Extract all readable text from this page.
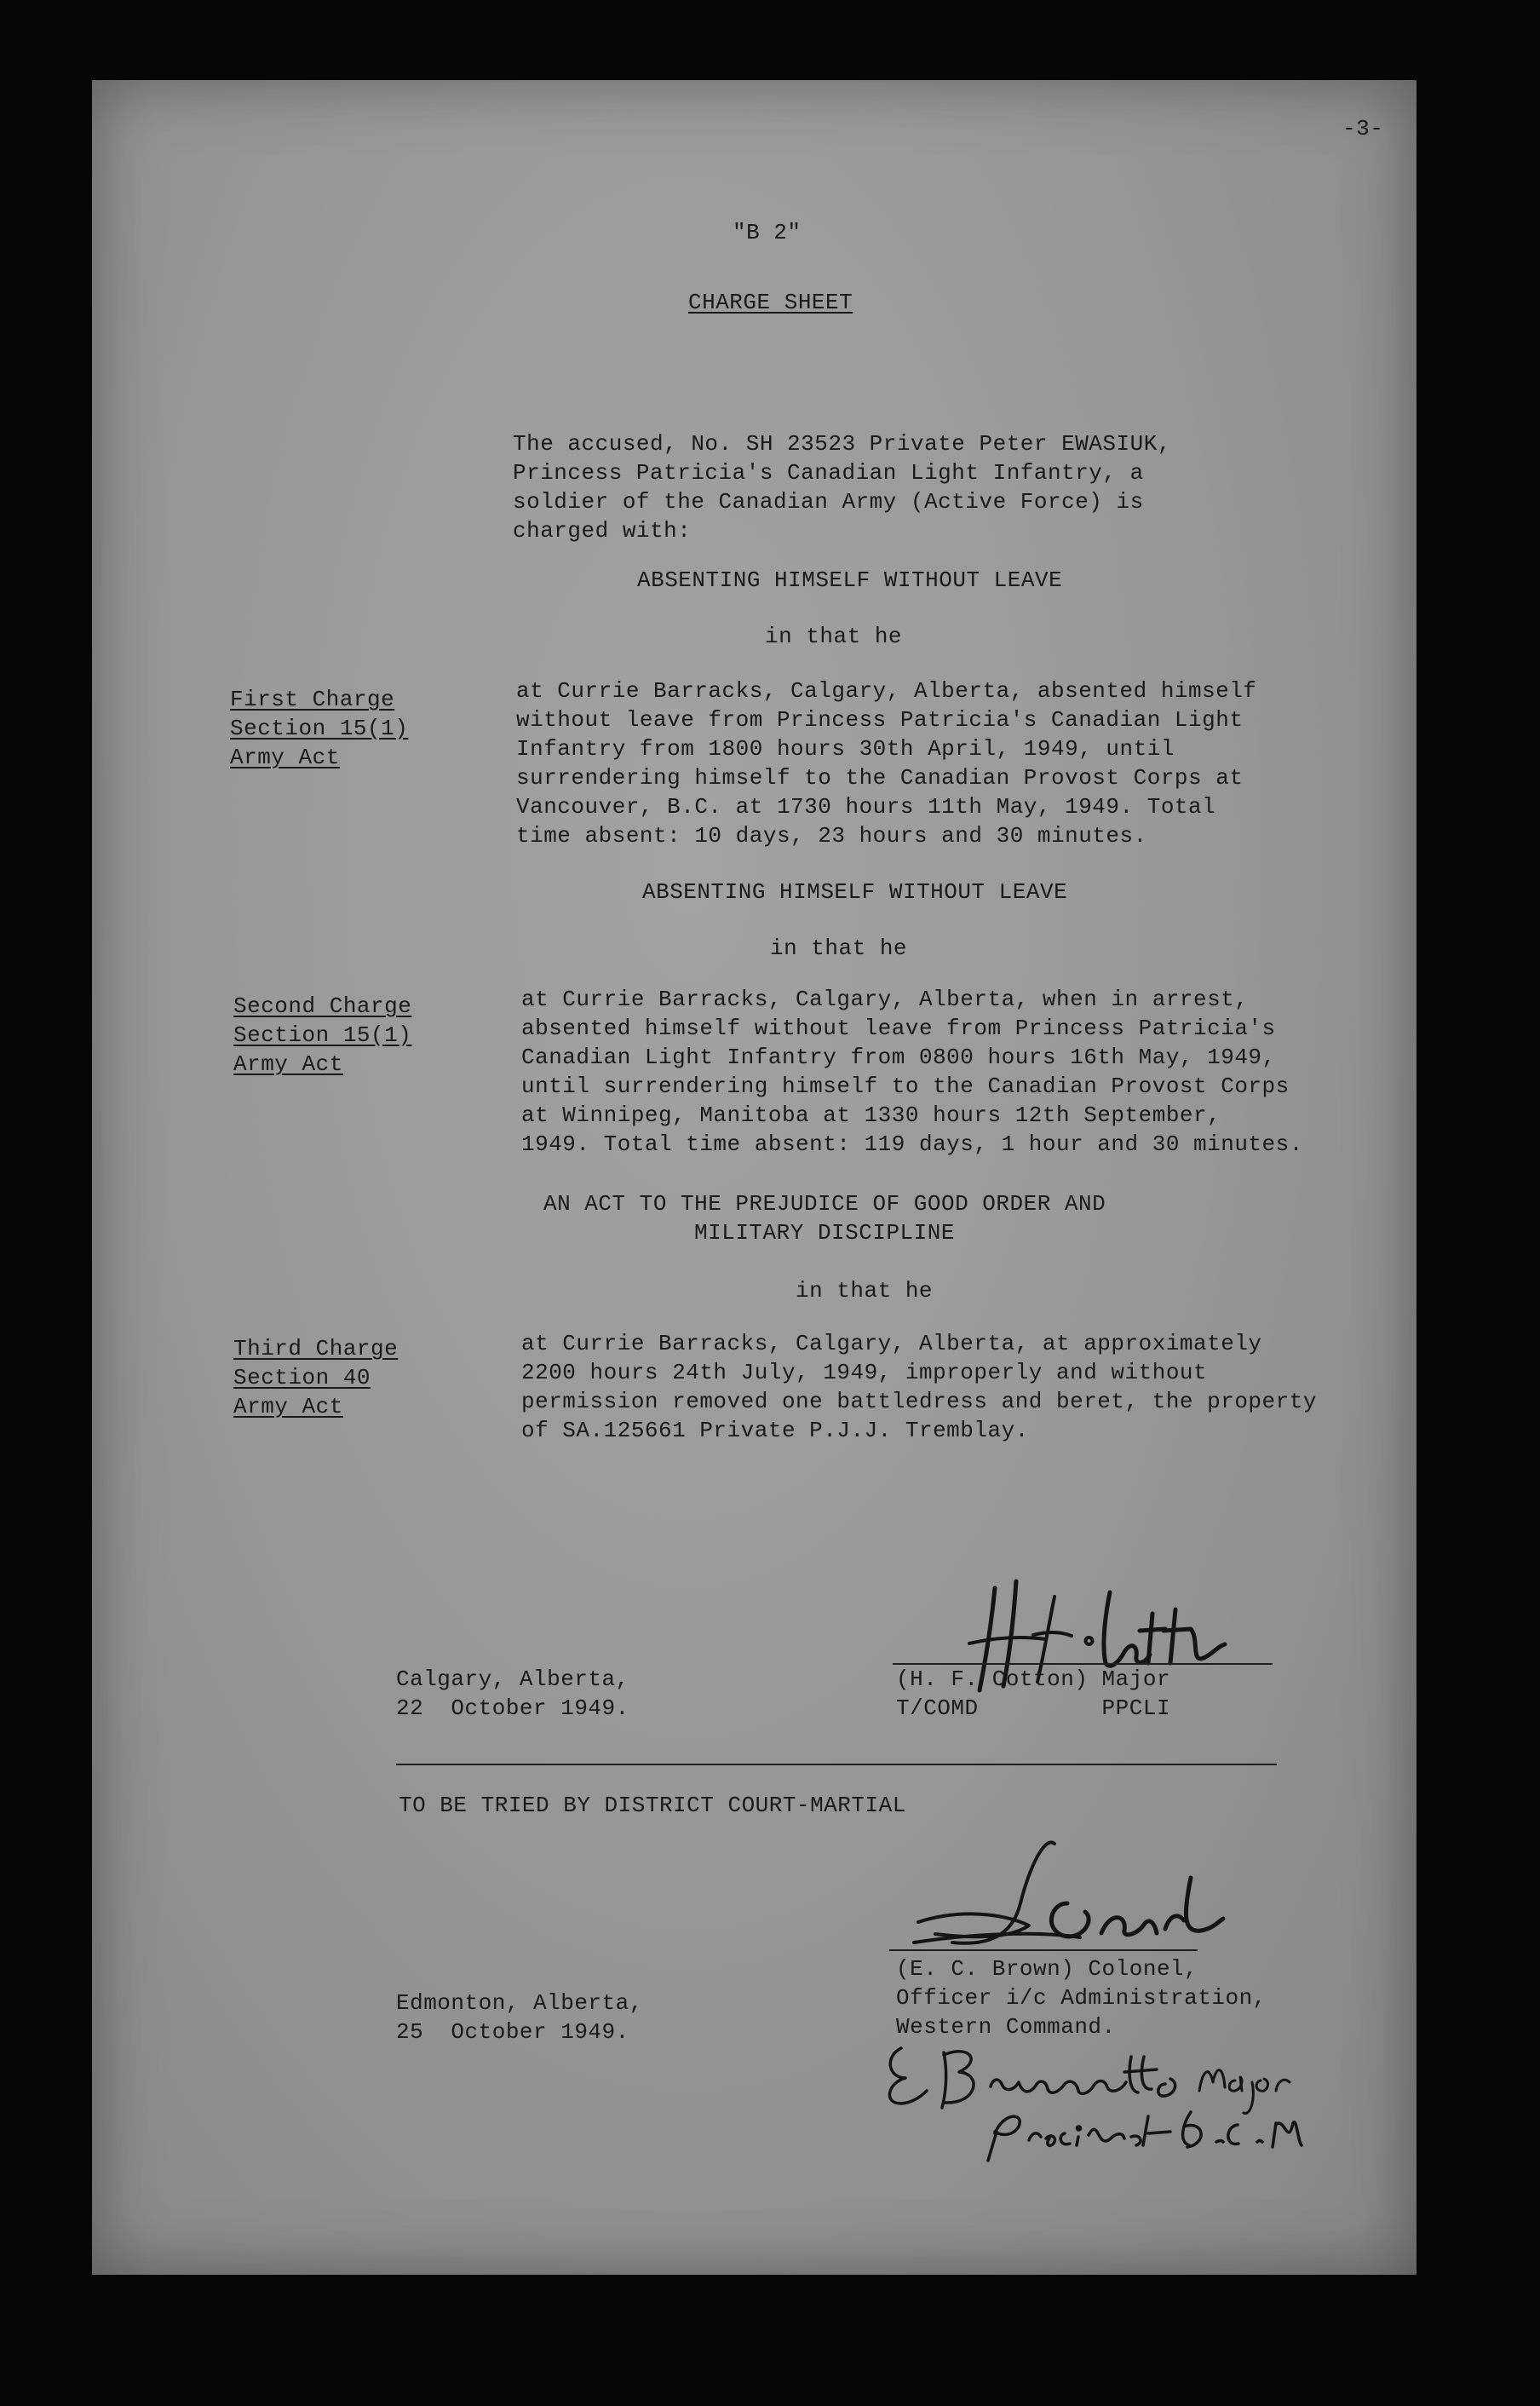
-3-
"B 2"
CHARGE SHEET
The accused, No. SH 23523 Private Peter EWASIUK,
Princess Patricia's Canadian Light Infantry, a
soldier of the Canadian Army (Active Force) is
charged with:
ABSENTING HIMSELF WITHOUT LEAVE
in that he
First Charge
Section 15(1)
Army Act
at Currie Barracks, Calgary, Alberta, absented himself
without leave from Princess Patricia's Canadian Light
Infantry from 1800 hours 30th April, 1949, until
surrendering himself to the Canadian Provost Corps at
Vancouver, B.C. at 1730 hours 11th May, 1949. Total
time absent: 10 days, 23 hours and 30 minutes.
ABSENTING HIMSELF WITHOUT LEAVE
in that he
Second Charge
Section 15(1)
Army Act
at Currie Barracks, Calgary, Alberta, when in arrest,
absented himself without leave from Princess Patricia's
Canadian Light Infantry from 0800 hours 16th May, 1949,
until surrendering himself to the Canadian Provost Corps
at Winnipeg, Manitoba at 1330 hours 12th September,
1949. Total time absent: 119 days, 1 hour and 30 minutes.
AN ACT TO THE PREJUDICE OF GOOD ORDER AND
MILITARY DISCIPLINE
in that he
Third Charge
Section 40
Army Act
at Currie Barracks, Calgary, Alberta, at approximately
2200 hours 24th July, 1949, improperly and without
permission removed one battledress and beret, the property
of SA.125661 Private P.J.J. Tremblay.
Calgary, Alberta,
22  October 1949.
(H. F. Cotton) Major
T/COMD         PPCLI
TO BE TRIED BY DISTRICT COURT-MARTIAL
Edmonton, Alberta,
25  October 1949.
(E. C. Brown) Colonel,
Officer i/c Administration,
Western Command.
